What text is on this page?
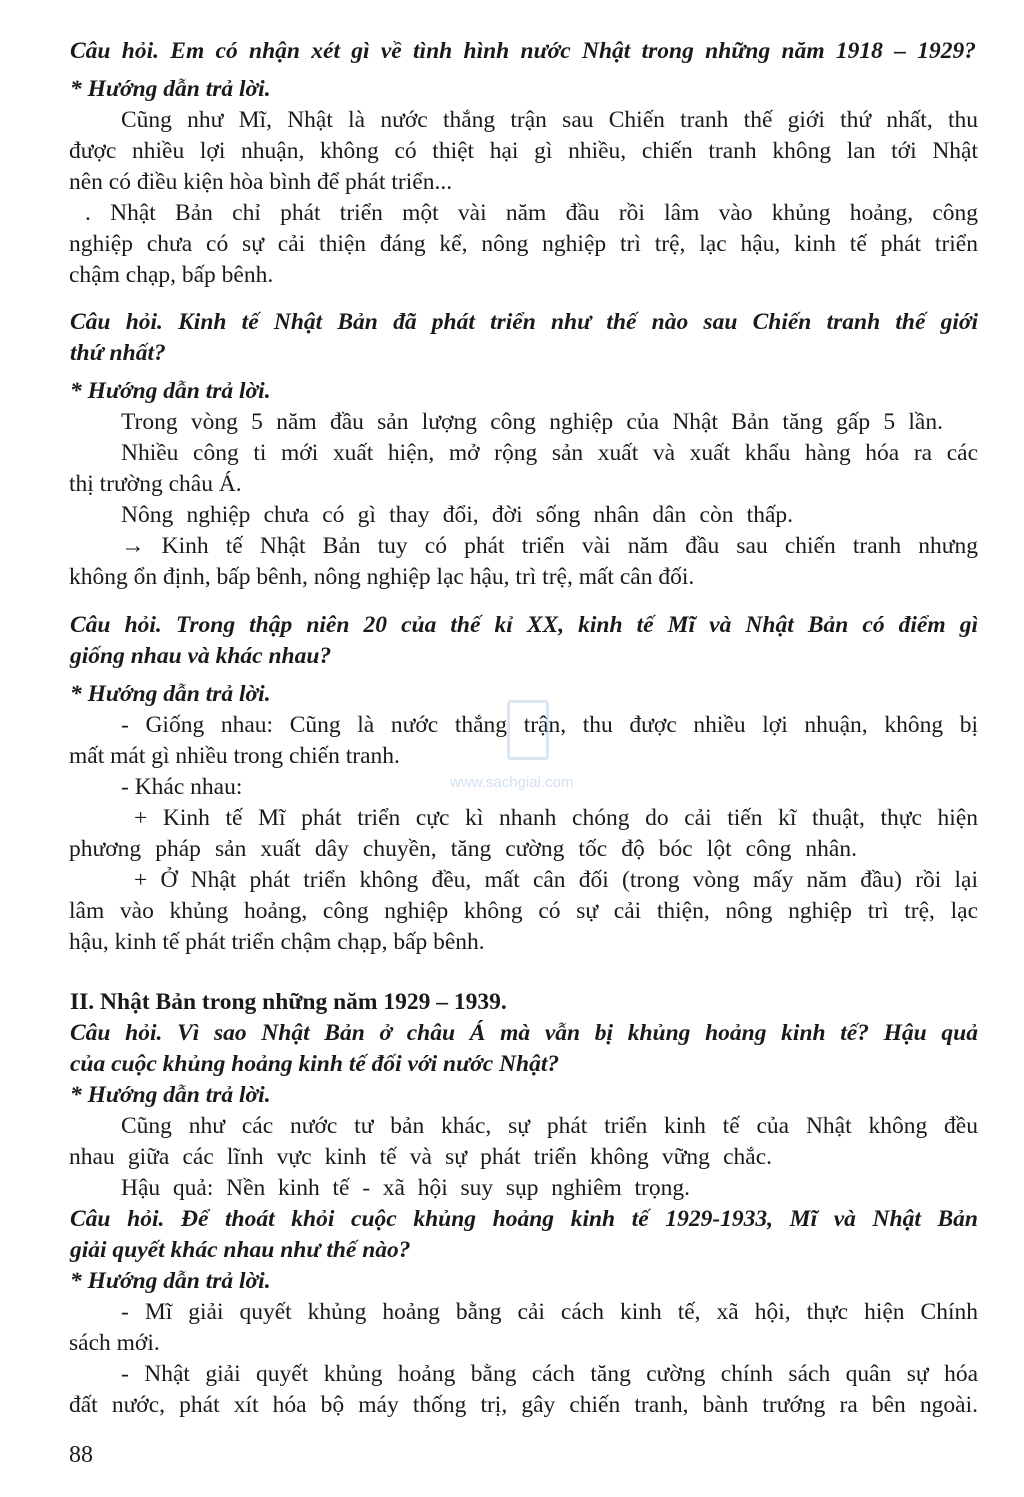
Câu hỏi. Em có nhận xét gì về tình hình nước Nhật trong những năm 1918 – 1929?
* Hướng dẫn trả lời.
Cũng như Mĩ, Nhật là nước thắng trận sau Chiến tranh thế giới thứ nhất, thu
được nhiều lợi nhuận, không có thiệt hại gì nhiều, chiến tranh không lan tới Nhật
nên có điều kiện hòa bình để phát triển...
. Nhật Bản chỉ phát triển một vài năm đầu rồi lâm vào khủng hoảng, công
nghiệp chưa có sự cải thiện đáng kể, nông nghiệp trì trệ, lạc hậu, kinh tế phát triển
chậm chạp, bấp bênh.
Câu hỏi. Kinh tế Nhật Bản đã phát triển như thế nào sau Chiến tranh thế giới
thứ nhất?
* Hướng dẫn trả lời.
Trong vòng 5 năm đầu sản lượng công nghiệp của Nhật Bản tăng gấp 5 lần.
Nhiều công ti mới xuất hiện, mở rộng sản xuất và xuất khẩu hàng hóa ra các
thị trường châu Á.
Nông nghiệp chưa có gì thay đổi, đời sống nhân dân còn thấp.
→ Kinh tế Nhật Bản tuy có phát triển vài năm đầu sau chiến tranh nhưng
không ổn định, bấp bênh, nông nghiệp lạc hậu, trì trệ, mất cân đối.
Câu hỏi. Trong thập niên 20 của thế kỉ XX, kinh tế Mĩ và Nhật Bản có điểm gì
giống nhau và khác nhau?
* Hướng dẫn trả lời.
- Giống nhau: Cũng là nước thắng trận, thu được nhiều lợi nhuận, không bị
mất mát gì nhiều trong chiến tranh.
- Khác nhau:
+ Kinh tế Mĩ phát triển cực kì nhanh chóng do cải tiến kĩ thuật, thực hiện
phương pháp sản xuất dây chuyền, tăng cường tốc độ bóc lột công nhân.
+ Ở Nhật phát triển không đều, mất cân đối (trong vòng mấy năm đầu) rồi lại
lâm vào khủng hoảng, công nghiệp không có sự cải thiện, nông nghiệp trì trệ, lạc
hậu, kinh tế phát triển chậm chạp, bấp bênh.
II. Nhật Bản trong những năm 1929 – 1939.
Câu hỏi. Vì sao Nhật Bản ở châu Á mà vẫn bị khủng hoảng kinh tế? Hậu quả
của cuộc khủng hoảng kinh tế đối với nước Nhật?
* Hướng dẫn trả lời.
Cũng như các nước tư bản khác, sự phát triển kinh tế của Nhật không đều
nhau giữa các lĩnh vực kinh tế và sự phát triển không vững chắc.
Hậu quả: Nền kinh tế - xã hội suy sụp nghiêm trọng.
Câu hỏi. Để thoát khỏi cuộc khủng hoảng kinh tế 1929-1933, Mĩ và Nhật Bản
giải quyết khác nhau như thế nào?
* Hướng dẫn trả lời.
- Mĩ giải quyết khủng hoảng bằng cải cách kinh tế, xã hội, thực hiện Chính
sách mới.
- Nhật giải quyết khủng hoảng bằng cách tăng cường chính sách quân sự hóa
đất nước, phát xít hóa bộ máy thống trị, gây chiến tranh, bành trướng ra bên ngoài.
www.sachgiai.com
88
